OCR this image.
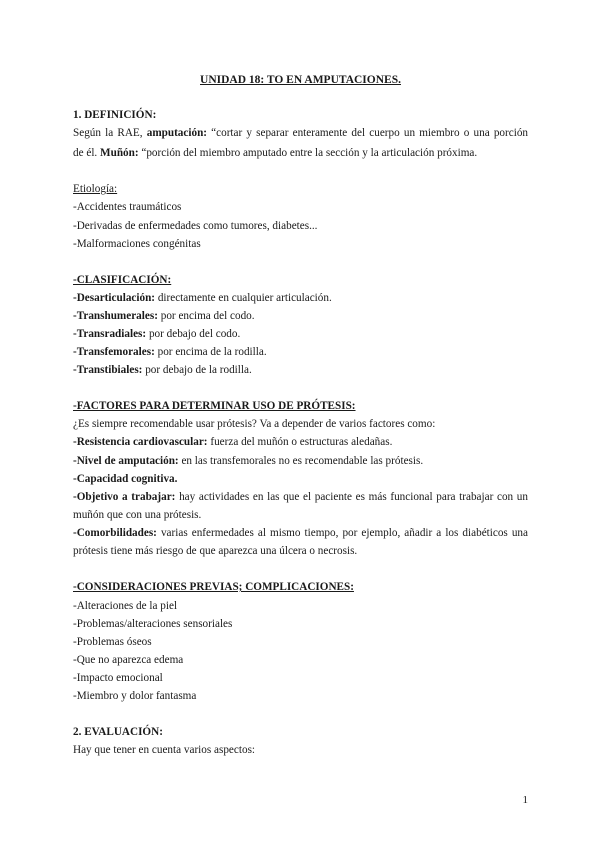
UNIDAD 18: TO EN AMPUTACIONES.
1. DEFINICIÓN:
Según la RAE, amputación: “cortar y separar enteramente del cuerpo un miembro o una porción
de él. Muñón: “porción del miembro amputado entre la sección y la articulación próxima.
Etiología:
-Accidentes traumáticos
-Derivadas de enfermedades como tumores, diabetes...
-Malformaciones congénitas
-CLASIFICACIÓN:
-Desarticulación: directamente en cualquier articulación.
-Transhumerales: por encima del codo.
-Transradiales: por debajo del codo.
-Transfemorales: por encima de la rodilla.
-Transtibiales: por debajo de la rodilla.
-FACTORES PARA DETERMINAR USO DE PRÓTESIS:
¿Es siempre recomendable usar prótesis? Va a depender de varios factores como:
-Resistencia cardiovascular: fuerza del muñón o estructuras aledañas.
-Nivel de amputación: en las transfemorales no es recomendable las prótesis.
-Capacidad cognitiva.
-Objetivo a trabajar: hay actividades en las que el paciente es más funcional para trabajar con un
muñón que con una prótesis.
-Comorbilidades: varias enfermedades al mismo tiempo, por ejemplo, añadir a los diabéticos una
prótesis tiene más riesgo de que aparezca una úlcera o necrosis.
-CONSIDERACIONES PREVIAS; COMPLICACIONES:
-Alteraciones de la piel
-Problemas/alteraciones sensoriales
-Problemas óseos
-Que no aparezca edema
-Impacto emocional
-Miembro y dolor fantasma
2. EVALUACIÓN:
Hay que tener en cuenta varios aspectos:
1
